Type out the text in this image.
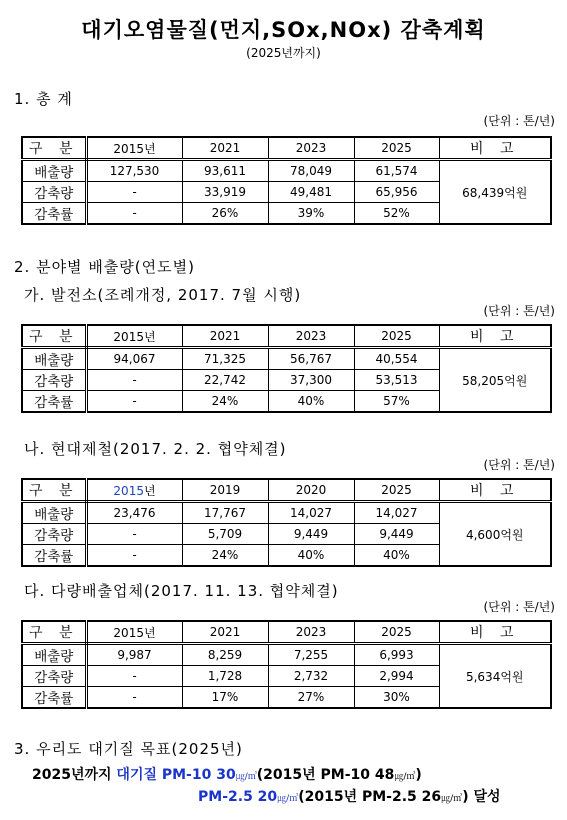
대기오염물질(먼지,SOx,NOx) 감축계획
(2025년까지)
1. 총 계
(단위 : 톤/년)
구 분	2015년	2021	2023	2025	비 고
배출량	127,530	93,611	78,049	61,574	68,439억원
감축량	-	33,919	49,481	65,956	
감축률	-	26%	39%	52%	
2. 분야별 배출량(연도별)
가. 발전소(조례개정, 2017. 7월 시행)
(단위 : 톤/년)
구 분	2015년	2021	2023	2025	비 고
배출량	94,067	71,325	56,767	40,554	58,205억원
감축량	-	22,742	37,300	53,513	
감축률	-	24%	40%	57%	
나. 현대제철(2017. 2. 2. 협약체결)
(단위 : 톤/년)
구 분	2015년	2019	2020	2025	비 고
배출량	23,476	17,767	14,027	14,027	4,600억원
감축량	-	5,709	9,449	9,449	
감축률	-	24%	40%	40%	
다. 다량배출업체(2017. 11. 13. 협약체결)
(단위 : 톤/년)
구 분	2015년	2021	2023	2025	비 고
배출량	9,987	8,259	7,255	6,993	5,634억원
감축량	-	1,728	2,732	2,994	
감축률	-	17%	27%	30%	
3. 우리도 대기질 목표(2025년)
2025년까지 대기질 PM-10 30㎍/㎥(2015년 PM-10 48㎍/㎥)
PM-2.5 20㎍/㎥(2015년 PM-2.5 26㎍/㎥) 달성
